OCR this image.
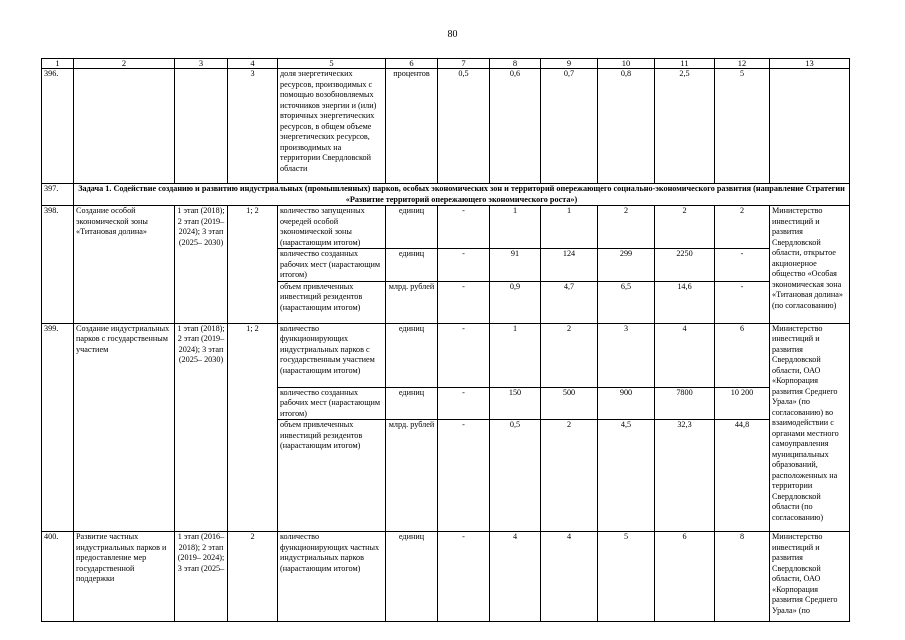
80
1	2	3	4	5	6	7	8	9	10	11	12	13
396.			3	доля энергетических ресурсов, производимых с помощью возобновляемых источников энергии и (или) вторичных энергетических ресурсов, в общем объеме энергетических ресурсов, производимых на территории Свердловской области	процентов	0,5	0,6	0,7	0,8	2,5	5	
397.	Задача 1. Содействие созданию и развитию индустриальных (промышленных) парков, особых экономических зон и территорий опережающего социально-экономического развития (направление Стратегии «Развитие территорий опережающего экономического роста»)											
398.	Создание особой экономической зоны «Титановая долина»	1 этап (2018); 2 этап (2019– 2024); 3 этап (2025– 2030)	1; 2	количество запущенных очередей особой экономической зоны (нарастающим итогом)	единиц	-	1	1	2	2	2	Министерство инвестиций и развития Свердловской области, открытое акционерное общество «Особая экономическая зона «Титановая долина» (по согласованию)
				количество созданных рабочих мест (нарастающим итогом)	единиц	-	91	124	299	2250	-	
				объем привлеченных инвестиций резидентов (нарастающим итогом)	млрд. рублей	-	0,9	4,7	6,5	14,6	-	
399.	Создание индустриальных парков с государственным участием	1 этап (2018); 2 этап (2019– 2024); 3 этап (2025– 2030)	1; 2	количество функционирующих индустриальных парков с государственным участием (нарастающим итогом)	единиц	-	1	2	3	4	6	Министерство инвестиций и развития Свердловской области, ОАО «Корпорация развития Среднего Урала» (по согласованию) во взаимодействии с органами местного самоуправления муниципальных образований, расположенных на территории Свердловской области (по согласованию)
				количество созданных рабочих мест (нарастающим итогом)	единиц	-	150	500	900	7800	10 200	
				объем привлеченных инвестиций резидентов (нарастающим итогом)	млрд. рублей	-	0,5	2	4,5	32,3	44,8	
400.	Развитие частных индустриальных парков и предоставление мер государственной поддержки	1 этап (2016– 2018); 2 этап (2019– 2024); 3 этап (2025–	2	количество функционирующих частных индустриальных парков (нарастающим итогом)	единиц	-	4	4	5	6	8	Министерство инвестиций и развития Свердловской области, ОАО «Корпорация развития Среднего Урала» (по
